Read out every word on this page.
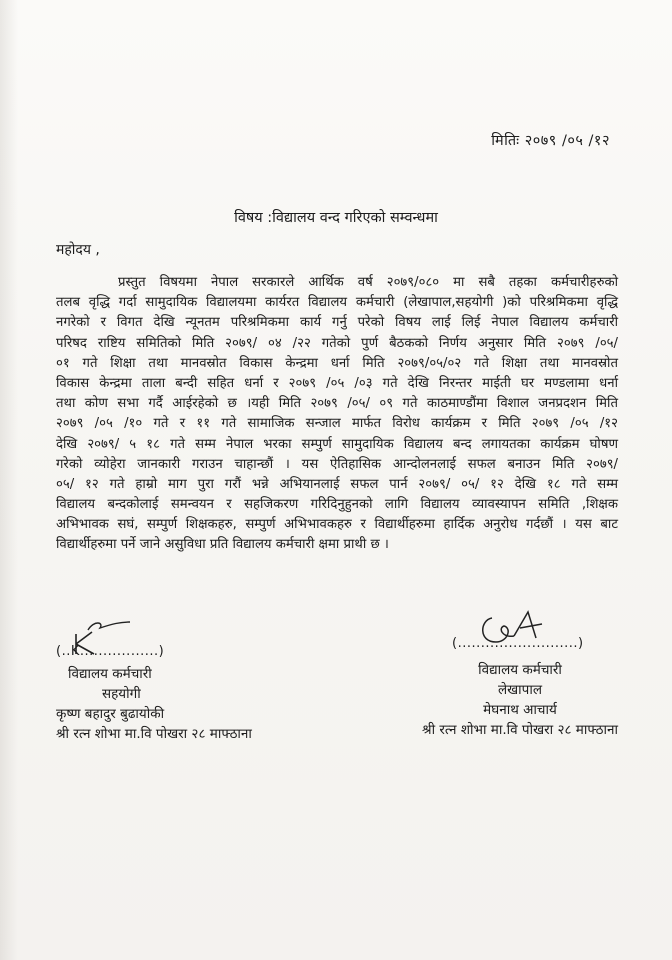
मितिः २०७९ /०५ /१२
विषय :विद्यालय वन्द गरिएको सम्वन्धमा
महोदय ,
प्रस्तुत विषयमा नेपाल सरकारले आर्थिक वर्ष २०७९/०८० मा सबै तहका कर्मचारीहरुको
तलब वृद्धि गर्दा सामुदायिक विद्यालयमा कार्यरत विद्यालय कर्मचारी (लेखापाल,सहयोगी )को परिश्रमिकमा वृद्धि
नगरेको र विगत देखि न्यूनतम परिश्रमिकमा कार्य गर्नु परेको विषय लाई लिई नेपाल विद्यालय कर्मचारी
परिषद राष्टिय समितिको मिति २०७९/ ०४ /२२ गतेको पुर्ण बैठकको निर्णय अनुसार मिति २०७९ /०५/
०१ गते शिक्षा तथा मानवस्रोत विकास केन्द्रमा धर्ना मिति २०७९/०५/०२ गते शिक्षा तथा मानवस्रोत
विकास केन्द्रमा ताला बन्दी सहित धर्ना र २०७९ /०५ /०३ गते देखि निरन्तर माईती घर मण्डलामा धर्ना
तथा कोण सभा गर्दै आईरहेको छ ।यही मिति २०७९ /०५/ ०९ गते काठमाण्डौंमा विशाल जनप्रदशन मिति
२०७९ /०५ /१० गते र ११ गते सामाजिक सन्जाल मार्फत विरोध कार्यक्रम र मिति २०७९ /०५ /१२
देखि २०७९/ ५ १८ गते सम्म नेपाल भरका सम्पुर्ण सामुदायिक विद्यालय बन्द लगायतका कार्यक्रम घोषण
गरेको व्योहेरा जानकारी गराउन चाहान्छौं । यस ऐतिहासिक आन्दोलनलाई सफल बनाउन मिति २०७९/
०५/ १२ गते हाम्रो माग पुरा गरौं भन्ने अभियानलाई सफल पार्न २०७९/ ०५/ १२ देखि १८ गते सम्म
विद्यालय बन्दकोलाई समन्वयन र सहजिकरण गरिदिनुहुनको लागि विद्यालय व्यावस्यापन समिति ,शिक्षक
अभिभावक सघं, सम्पुर्ण शिक्षकहरु, सम्पुर्ण अभिभावकहरु र विद्यार्थीहरुमा हार्दिक अनुरोध गर्दछौं । यस बाट
विद्यार्थीहरुमा पर्ने जाने असुविधा प्रति विद्यालय कर्मचारी क्षमा प्राथी छ ।
(..K.................)
विद्यालय कर्मचारी
सहयोगी
कृष्ण बहादुर बुढायोकी
श्री रत्न शोभा मा.वि पोखरा २८ माफ्ठाना
(..........................)
विद्यालय कर्मचारी
लेखापाल
मेघनाथ आचार्य
श्री रत्न शोभा मा.वि पोखरा २८ माफ्ठाना
